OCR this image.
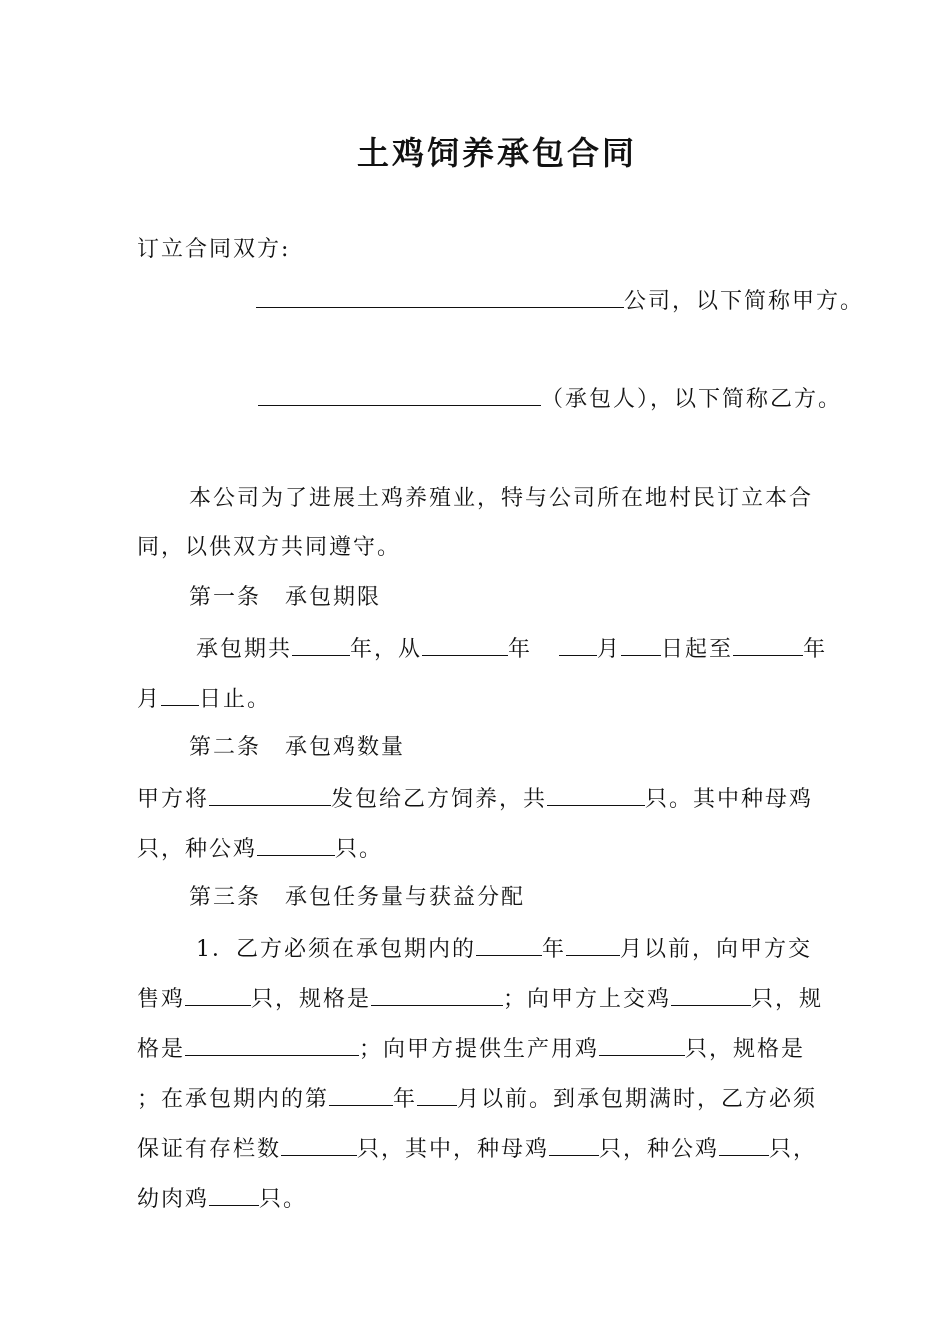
土鸡饲养承包合同
订立合同双方:
公司，以下简称甲方。
（承包人），以下简称乙方。
本公司为了进展土鸡养殖业，特与公司所在地村民订立本合
同，以供双方共同遵守。
第一条　承包期限
承包期共	年，从	年	月 日起至	年
月 日止。
第二条　承包鸡数量
甲方将	发包给乙方饲养，共	只。其中种母鸡
只，种公鸡	只。
第三条　承包任务量与获益分配
1．乙方必须在承包期内的	年 月以前，向甲方交
售鸡	只，规格是	；向甲方上交鸡	只，规
格是	；向甲方提供生产用鸡	只，规格是
；在承包期内的第	年 月以前。到承包期满时，乙方必须
保证有存栏数	只，其中，种母鸡 只，种公鸡 只，
幼肉鸡 只。
